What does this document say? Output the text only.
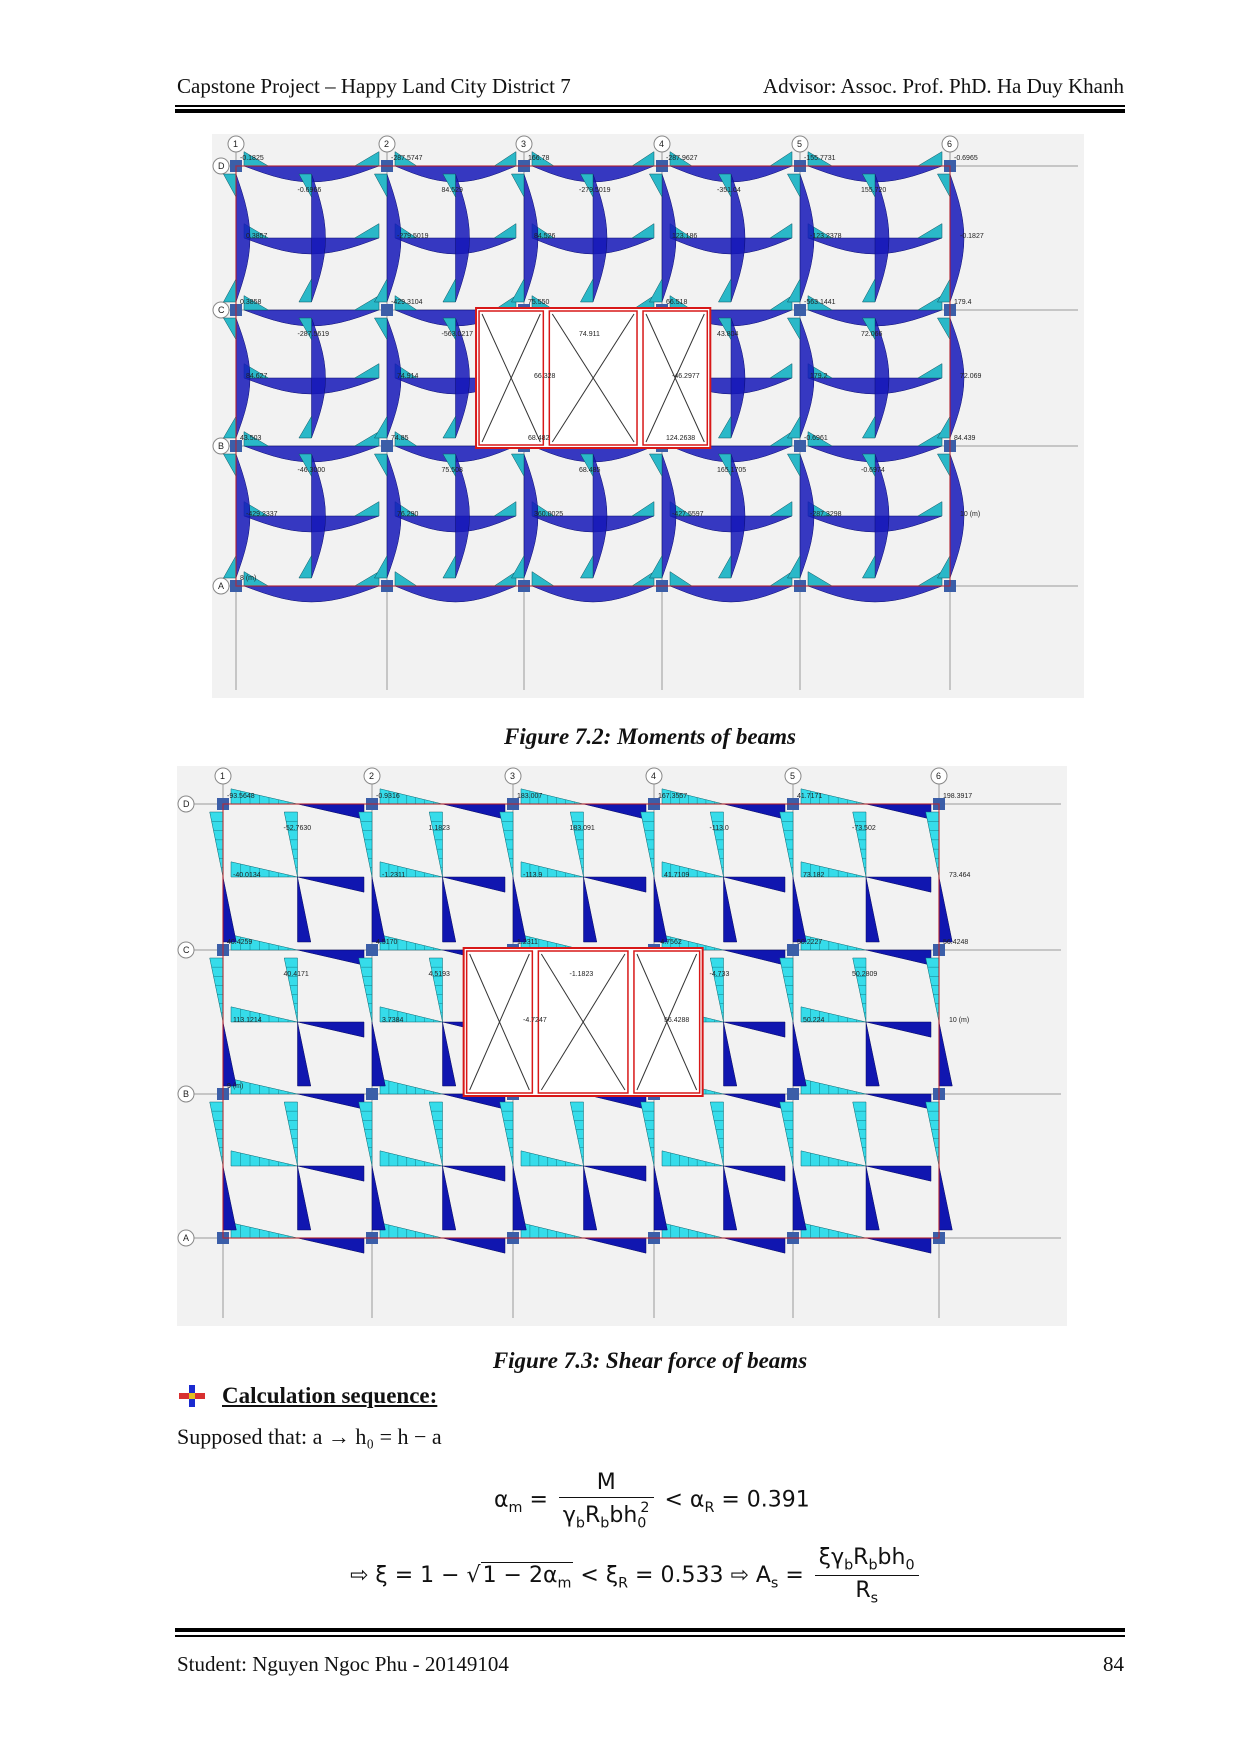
Capstone Project – Happy Land City District 7	Advisor: Assoc. Prof. PhD. Ha Duy Khanh
1	2	3	4	5	6
D
C
B
A
-0.1825
-0.6966
0.3857
-287.5747
84.529
-279.5019
166.78
-279.5019
84.526
-287.9627
-351.04
123.186
-155.7731
155.720
-123.2378
-0.6965
-0.1827
0.3858
-287.5619
84.627
-429.3104
-563.0217
74.914
75.550
74.911
66.328
66.518
43.804
-46.2977
-563.1441
72.066
179.2
179.4
72.069
43.503
-46.3000
-429.2337
74.85
75.508
76.290
68.482
68.485
360.0025
124.2638
165.1705
-427.5597
-0.6961
-0.6974
-287.3298
84.439
10 (m)
8 (m)
Figure 7.2: Moments of beams
1	2	3	4	5	6
D
C
B
A
-93.5648
-52.7630
-40.0134
-0.9316
1.1823
-1.2311
183.007
183.091
-113.9
167.3557
-113.0
41.7109
41.7171
-73.502
73.182
198.3917
73.464
40.4259
40.4171
113.1214
4.5170
4.5193
3.7384
1.2311
-1.1823
-4.7247
-4.7562
-4.733
56.4288
50.2227
50.2809
50.224
56.4248
10 (m)
9 (m)
Figure 7.3: Shear force of beams
Calculation sequence:
Supposed that: a → h₀ = h − a
$\alpha_m = \frac{M}{\gamma_bR_bbh_0^2} < \alpha_R = 0.391$
⇨ $\xi = 1 - √1 - 2\alpha_m < \xi_R = 0.533$ ⇨ $A_s = \frac{\xi\gamma_bR_bbh_0}{R_s}$
Student: Nguyen Ngoc Phu - 20149104	84
